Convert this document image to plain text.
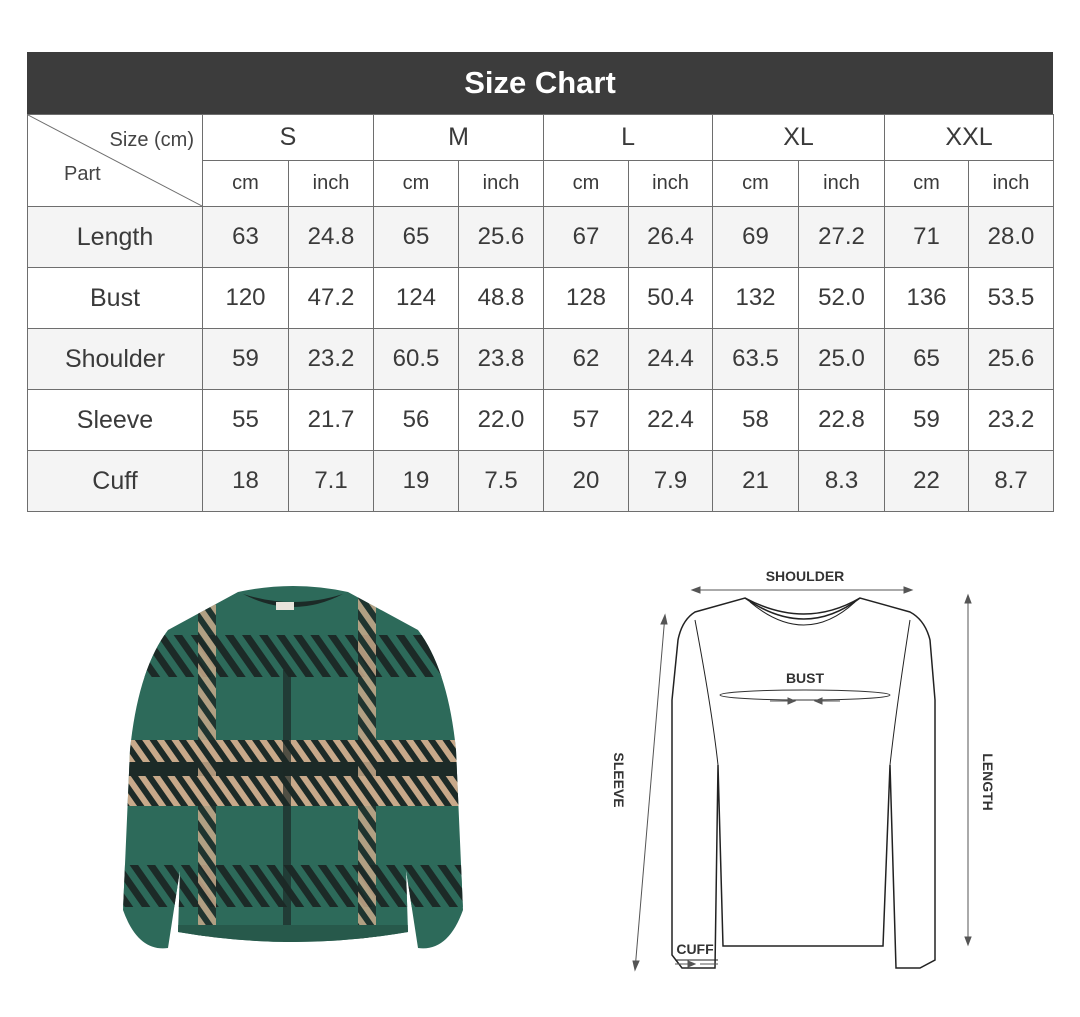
Size Chart
Size (cm)
Part	S		M		L		XL		XXL	
	cm	inch	cm	inch	cm	inch	cm	inch	cm	inch
Length	63	24.8	65	25.6	67	26.4	69	27.2	71	28.0
Bust	120	47.2	124	48.8	128	50.4	132	52.0	136	53.5
Shoulder	59	23.2	60.5	23.8	62	24.4	63.5	25.0	65	25.6
Sleeve	55	21.7	56	22.0	57	22.4	58	22.8	59	23.2
Cuff	18	7.1	19	7.5	20	7.9	21	8.3	22	8.7
SHOULDER
BUST
SLEEVE	LENGTH
CUFF
